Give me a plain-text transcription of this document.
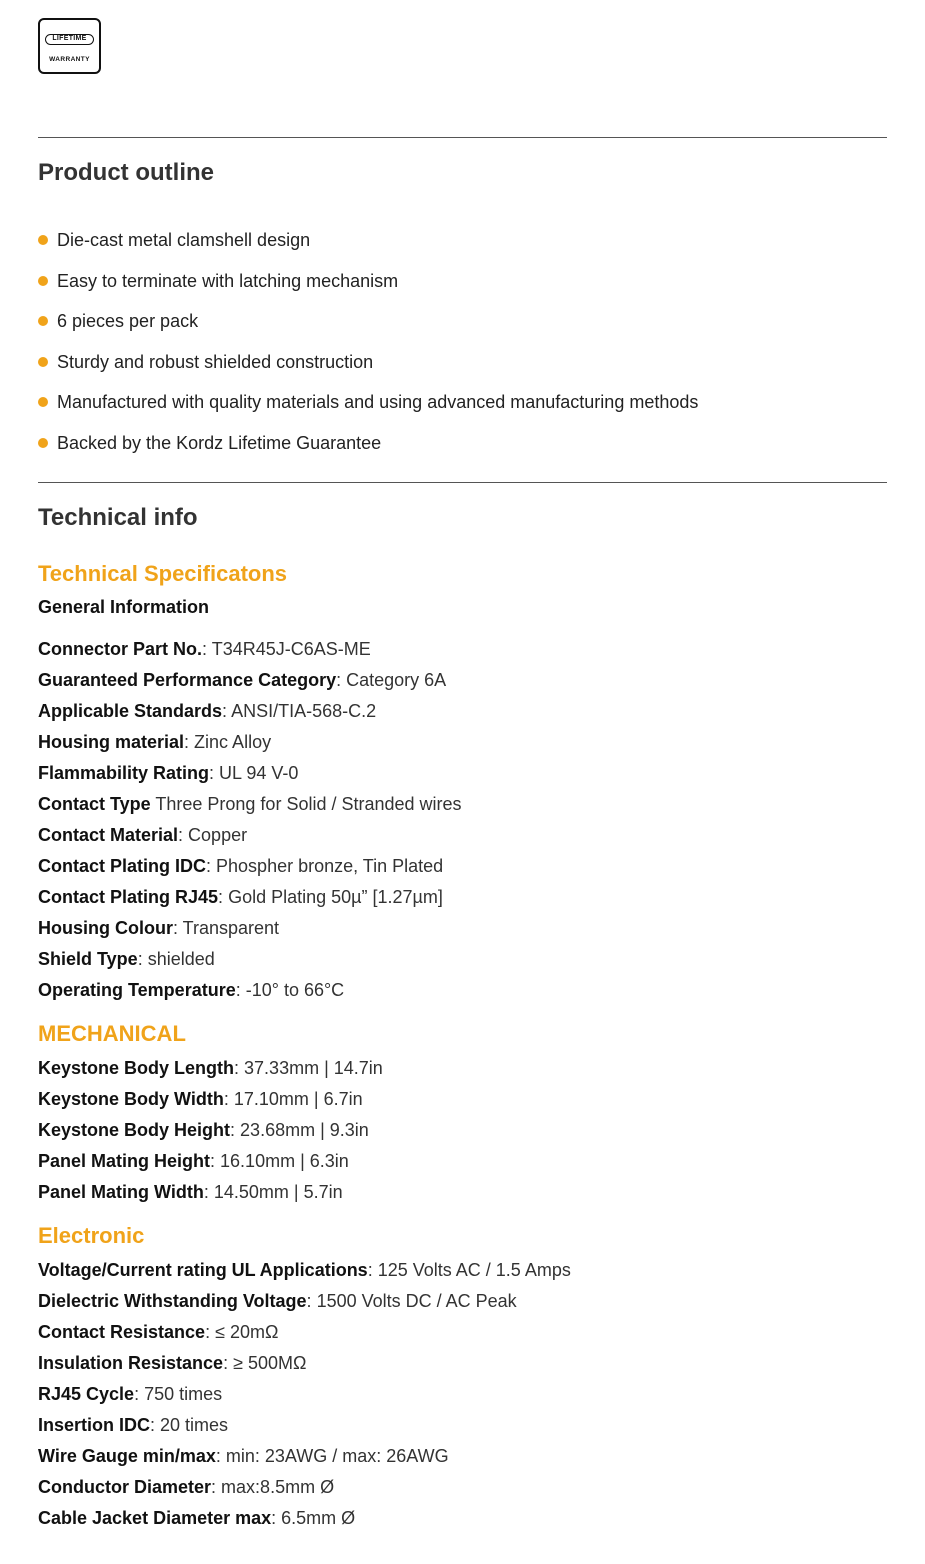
LIFETIME
WARRANTY
Product outline
Die-cast metal clamshell design
Easy to terminate with latching mechanism
6 pieces per pack
Sturdy and robust shielded construction
Manufactured with quality materials and using advanced manufacturing methods
Backed by the Kordz Lifetime Guarantee
Technical info
Technical Specificatons
General Information
Connector Part No.: T34R45J-C6AS-ME
Guaranteed Performance Category: Category 6A
Applicable Standards: ANSI/TIA-568-C.2
Housing material: Zinc Alloy
Flammability Rating: UL 94 V-0
Contact Type Three Prong for Solid / Stranded wires
Contact Material: Copper
Contact Plating IDC: Phospher bronze, Tin Plated
Contact Plating RJ45: Gold Plating 50µ” [1.27µm]
Housing Colour: Transparent
Shield Type: shielded
Operating Temperature: -10° to 66°C
MECHANICAL
Keystone Body Length: 37.33mm | 14.7in
Keystone Body Width: 17.10mm | 6.7in
Keystone Body Height: 23.68mm | 9.3in
Panel Mating Height: 16.10mm | 6.3in
Panel Mating Width: 14.50mm | 5.7in
Electronic
Voltage/Current rating UL Applications: 125 Volts AC / 1.5 Amps
Dielectric Withstanding Voltage: 1500 Volts DC / AC Peak
Contact Resistance: ≤ 20mΩ
Insulation Resistance: ≥ 500MΩ
RJ45 Cycle: 750 times
Insertion IDC: 20 times
Wire Gauge min/max: min: 23AWG / max: 26AWG
Conductor Diameter: max:8.5mm Ø
Cable Jacket Diameter max: 6.5mm Ø
